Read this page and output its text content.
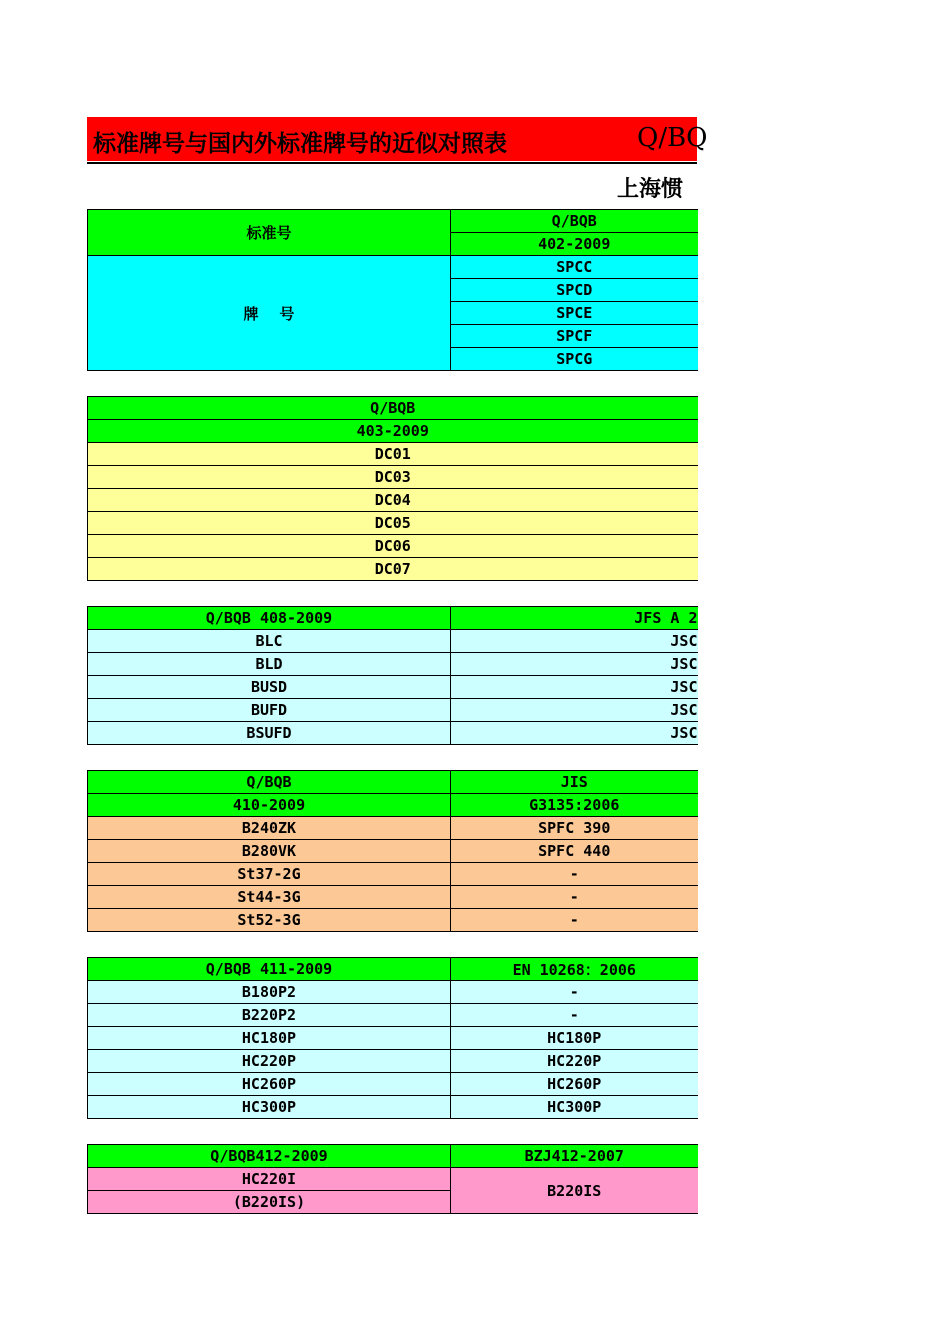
标准牌号与国内外标准牌号的近似对照表	Q/BQ
上海惯
标准号	Q/BQB
	402-2009
牌    号	SPCC
	SPCD
	SPCE
	SPCF
	SPCG
Q/BQB
403-2009
DC01
DC03
DC04
DC05
DC06
DC07
Q/BQB 408-2009	JFS A 2
BLC	JSC
BLD	JSC
BUSD	JSC
BUFD	JSC
BSUFD	JSC
Q/BQB	JIS
410-2009	G3135:2006
B240ZK	SPFC 390
B280VK	SPFC 440
St37-2G	-
St44-3G	-
St52-3G	-
Q/BQB 411-2009	EN 10268：2006
B180P2	-
B220P2	-
HC180P	HC180P
HC220P	HC220P
HC260P	HC260P
HC300P	HC300P
Q/BQB412-2009	BZJ412-2007
HC220I	B220IS
(B220IS)	
